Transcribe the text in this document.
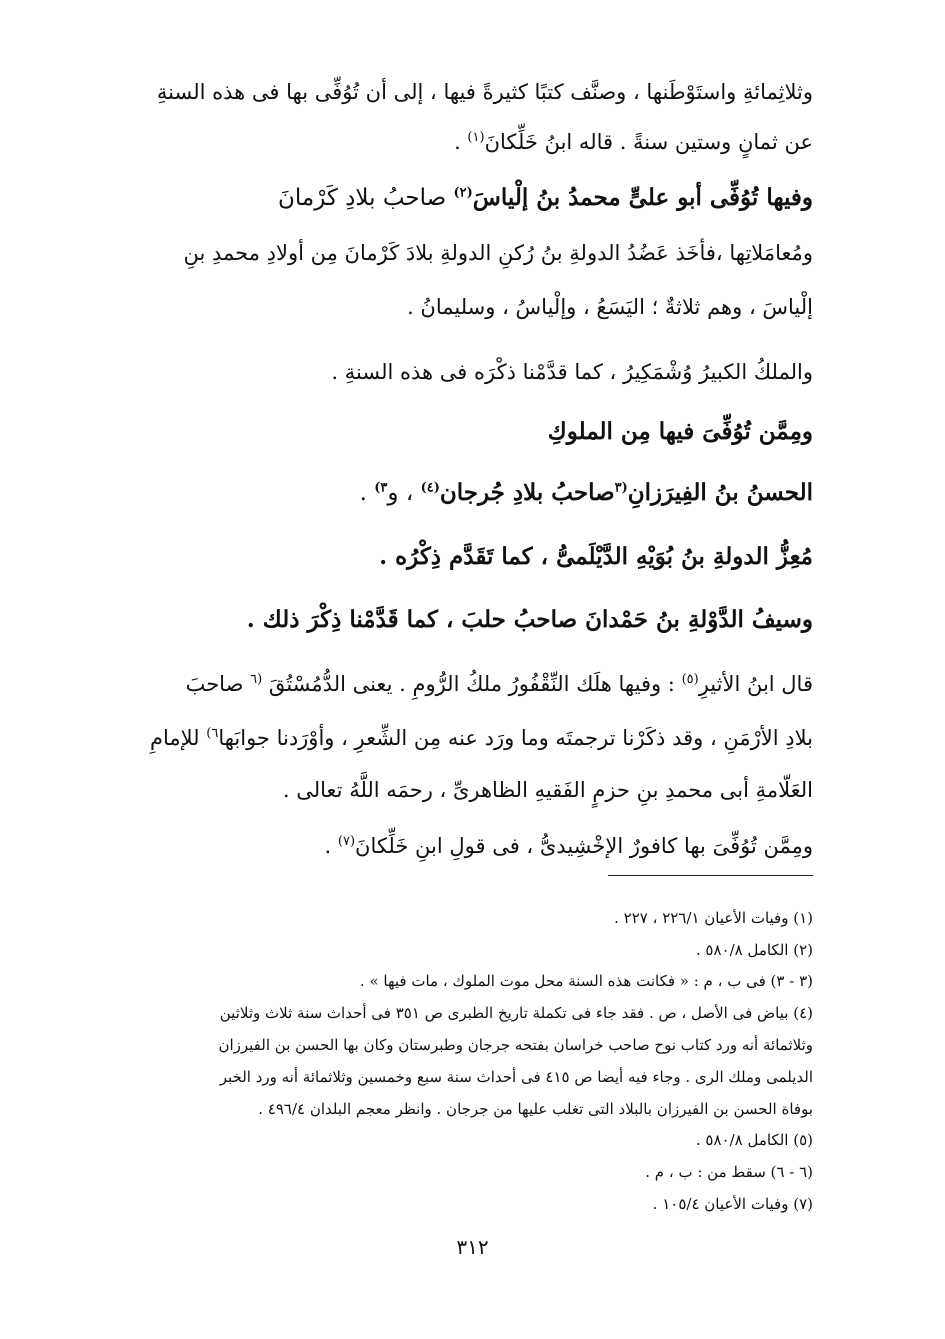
وثلاثِمائةِ واستَوْطَنها ، وصنَّف كتبًا كثيرةً فيها ، إلى أن تُوُفِّى بها فى هذه السنةِ
عن ثمانٍ وستين سنةً . قاله ابنُ خَلِّكانَ$^{(١)}$ .
وفيها تُوُفِّى أبو علىٍّ محمدُ بنُ إلْياسَ$^{(٢)}$ صاحبُ بلادِ كَرْمانَ
ومُعامَلاتِها ،فأخَذ عَضُدُ الدولةِ بنُ رُكنِ الدولةِ بلادَ كَرْمانَ مِن أولادِ محمدِ بنِ
إلْياسَ ، وهم ثلاثةٌ ؛ اليَسَعُ ، وإلْياسُ ، وسليمانُ .
والملكُ الكبيرُ وُشْمَكِيرُ ، كما قدَّمْنا ذكْرَه فى هذه السنةِ .
ومِمَّن تُوُفِّىَ فيها مِن الملوكِ
الحسنُ بنُ الفِيرَزانِ$^{(٣}$صاحبُ بلادِ جُرجان$^{(٤)}$ ، و$^{٣)}$ .
مُعِزُّ الدولةِ بنُ بُوَيْهِ الدَّيْلَمىُّ ، كما تَقَدَّم ذِكْرُه .
وسيفُ الدَّوْلةِ بنُ حَمْدانَ صاحبُ حلبَ ، كما قَدَّمْنا ذِكْرَ ذلك .
قال ابنُ الأثيرِ$^{(٥)}$ : وفيها هلَك النِّقْفُورُ ملكُ الرُّومِ . يعنى الدُّمُسْتُقَ $^{(٦}$ صاحبَ
بلادِ الأرْمَنِ ، وقد ذكَرْنا ترجمتَه وما ورَد عنه مِن الشِّعرِ ، وأوْرَدنا جوابَها$^{٦)}$ للإمامِ
العَلّامةِ أبى محمدِ بنِ حزمٍ الفَقيهِ الظاهرىِّ ، رحمَه اللَّهُ تعالى .
ومِمَّن تُوُفِّىَ بها كافورٌ الإخْشِيدىُّ ، فى قولِ ابنِ خَلِّكانَ$^{(٧)}$ .
(١) وفيات الأعيان ٢٢٦/١ ، ٢٢٧ .
(٢) الكامل ٥٨٠/٨ .
(٣ - ٣) فى ب ، م : « فكانت هذه السنة محل موت الملوك ، مات فيها » .
(٤) بياض فى الأصل ، ص . فقد جاء فى تكملة تاريخ الطبرى ص ٣٥١ فى أحداث سنة ثلاث وثلاثين
وثلاثمائة أنه ورد كتاب نوح صاحب خراسان بفتحه جرجان وطبرستان وكان بها الحسن بن الفيرزان
الديلمى وملك الرى . وجاء فيه أيضا ص ٤١٥ فى أحداث سنة سبع وخمسين وثلاثمائة أنه ورد الخبر
بوفاة الحسن بن الفيرزان بالبلاد التى تغلب عليها من جرجان . وانظر معجم البلدان ٤٩٦/٤ .
(٥) الكامل ٥٨٠/٨ .
(٦ - ٦) سقط من : ب ، م .
(٧) وفيات الأعيان ١٠٥/٤ .
٣١٢
